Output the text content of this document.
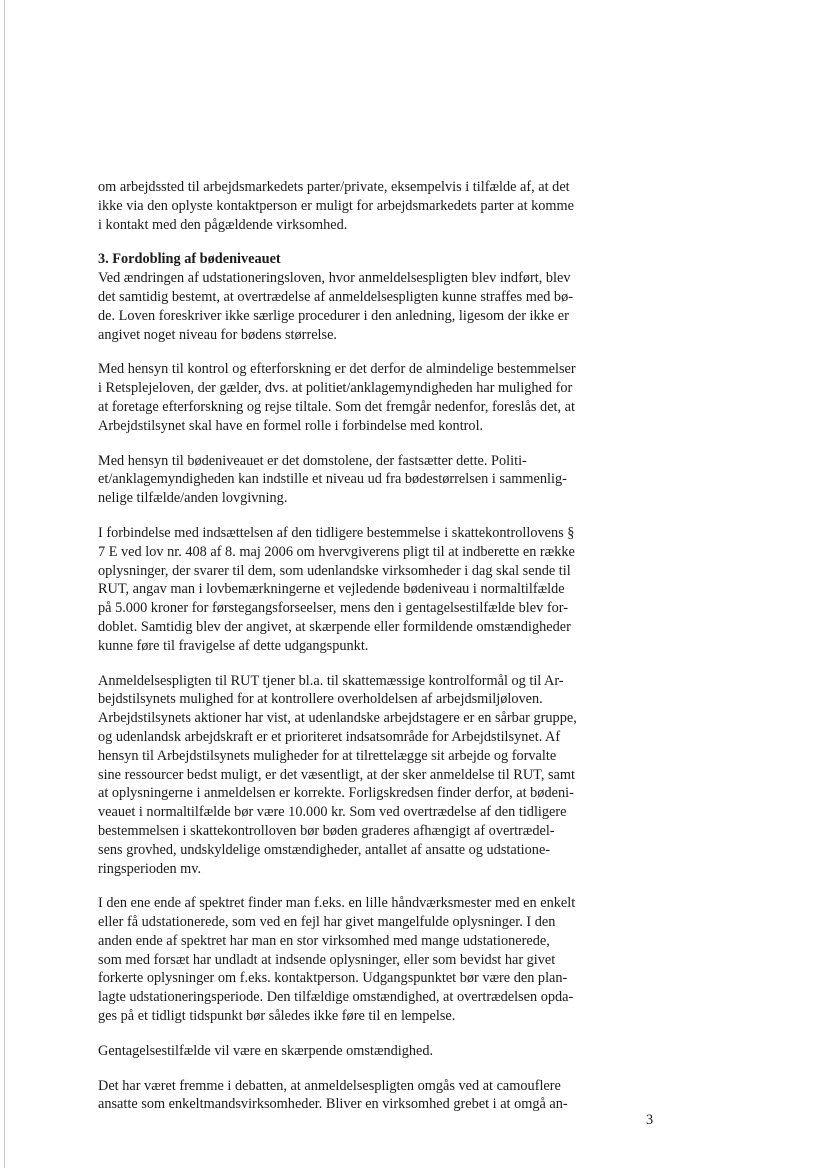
om arbejdssted til arbejdsmarkedets parter/private, eksempelvis i tilfælde af, at det
ikke via den oplyste kontaktperson er muligt for arbejdsmarkedets parter at komme
i kontakt med den pågældende virksomhed.
3. Fordobling af bødeniveauet
Ved ændringen af udstationeringsloven, hvor anmeldelsespligten blev indført, blev
det samtidig bestemt, at overtrædelse af anmeldelsespligten kunne straffes med bø-
de. Loven foreskriver ikke særlige procedurer i den anledning, ligesom der ikke er
angivet noget niveau for bødens størrelse.
Med hensyn til kontrol og efterforskning er det derfor de almindelige bestemmelser
i Retsplejeloven, der gælder, dvs. at politiet/anklagemyndigheden har mulighed for
at foretage efterforskning og rejse tiltale. Som det fremgår nedenfor, foreslås det, at
Arbejdstilsynet skal have en formel rolle i forbindelse med kontrol.
Med hensyn til bødeniveauet er det domstolene, der fastsætter dette. Politi-
et/anklagemyndigheden kan indstille et niveau ud fra bødestørrelsen i sammenlig-
nelige tilfælde/anden lovgivning.
I forbindelse med indsættelsen af den tidligere bestemmelse i skattekontrollovens §
7 E ved lov nr. 408 af 8. maj 2006 om hvervgiverens pligt til at indberette en række
oplysninger, der svarer til dem, som udenlandske virksomheder i dag skal sende til
RUT, angav man i lovbemærkningerne et vejledende bødeniveau i normaltilfælde
på 5.000 kroner for førstegangsforseelser, mens den i gentagelsestilfælde blev for-
doblet. Samtidig blev der angivet, at skærpende eller formildende omstændigheder
kunne føre til fravigelse af dette udgangspunkt.
Anmeldelsespligten til RUT tjener bl.a. til skattemæssige kontrolformål og til Ar-
bejdstilsynets mulighed for at kontrollere overholdelsen af arbejdsmiljøloven.
Arbejdstilsynets aktioner har vist, at udenlandske arbejdstagere er en sårbar gruppe,
og udenlandsk arbejdskraft er et prioriteret indsatsområde for Arbejdstilsynet. Af
hensyn til Arbejdstilsynets muligheder for at tilrettelægge sit arbejde og forvalte
sine ressourcer bedst muligt, er det væsentligt, at der sker anmeldelse til RUT, samt
at oplysningerne i anmeldelsen er korrekte. Forligskredsen finder derfor, at bødeni-
veauet i normaltilfælde bør være 10.000 kr. Som ved overtrædelse af den tidligere
bestemmelsen i skattekontrolloven bør bøden graderes afhængigt af overtrædel-
sens grovhed, undskyldelige omstændigheder, antallet af ansatte og udstatione-
ringsperioden mv.
I den ene ende af spektret finder man f.eks. en lille håndværksmester med en enkelt
eller få udstationerede, som ved en fejl har givet mangelfulde oplysninger. I den
anden ende af spektret har man en stor virksomhed med mange udstationerede,
som med forsæt har undladt at indsende oplysninger, eller som bevidst har givet
forkerte oplysninger om f.eks. kontaktperson. Udgangspunktet bør være den plan-
lagte udstationeringsperiode. Den tilfældige omstændighed, at overtrædelsen opda-
ges på et tidligt tidspunkt bør således ikke føre til en lempelse.
Gentagelsestilfælde vil være en skærpende omstændighed.
Det har været fremme i debatten, at anmeldelsespligten omgås ved at camouflere
ansatte som enkeltmandsvirksomheder. Bliver en virksomhed grebet i at omgå an-
3
